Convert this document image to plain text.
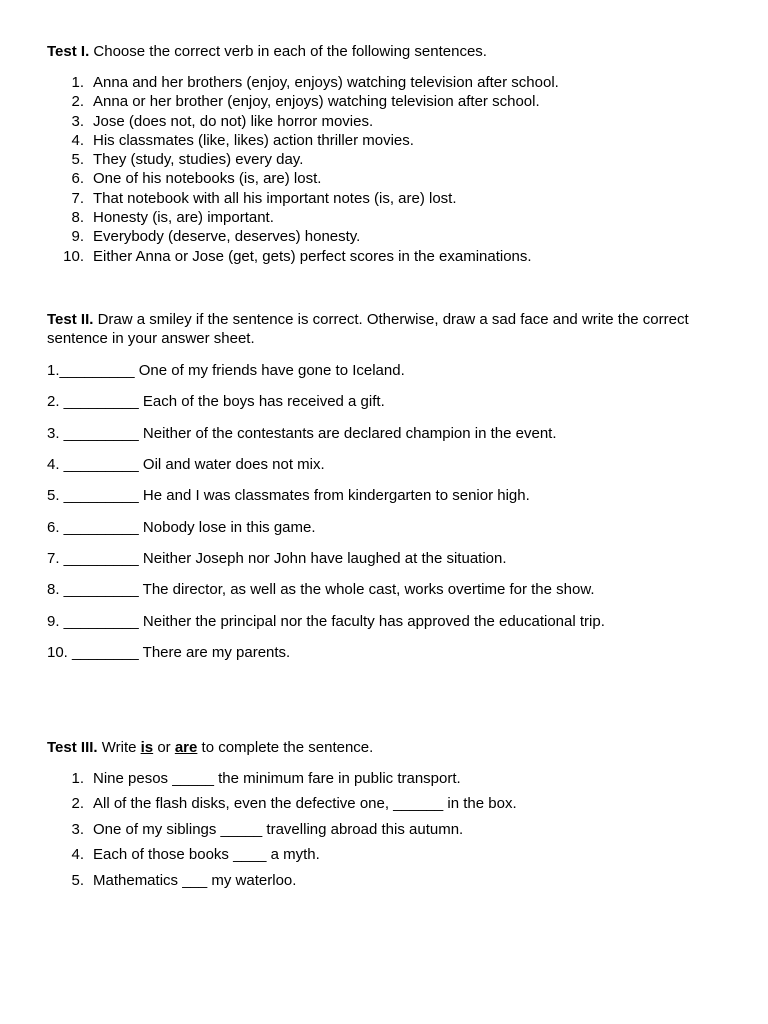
Test I. Choose the correct verb in each of the following sentences.
1. Anna and her brothers (enjoy, enjoys) watching television after school.
2. Anna or her brother (enjoy, enjoys) watching television after school.
3. Jose (does not, do not) like horror movies.
4. His classmates (like, likes) action thriller movies.
5. They (study, studies) every day.
6. One of his notebooks (is, are) lost.
7. That notebook with all his important notes (is, are) lost.
8. Honesty (is, are) important.
9. Everybody (deserve, deserves) honesty.
10. Either Anna or Jose (get, gets) perfect scores in the examinations.
Test II. Draw a smiley if the sentence is correct. Otherwise, draw a sad face and write the correct
sentence in your answer sheet.
1._________ One of my friends have gone to Iceland.
2. _________ Each of the boys has received a gift.
3. _________ Neither of the contestants are declared champion in the event.
4. _________ Oil and water does not mix.
5. _________ He and I was classmates from kindergarten to senior high.
6. _________ Nobody lose in this game.
7. _________ Neither Joseph nor John have laughed at the situation.
8. _________ The director, as well as the whole cast, works overtime for the show.
9. _________ Neither the principal nor the faculty has approved the educational trip.
10. ________ There are my parents.
Test III. Write is or are to complete the sentence.
1. Nine pesos _____ the minimum fare in public transport.
2. All of the flash disks, even the defective one, ______ in the box.
3. One of my siblings _____ travelling abroad this autumn.
4. Each of those books ____ a myth.
5. Mathematics ___ my waterloo.
